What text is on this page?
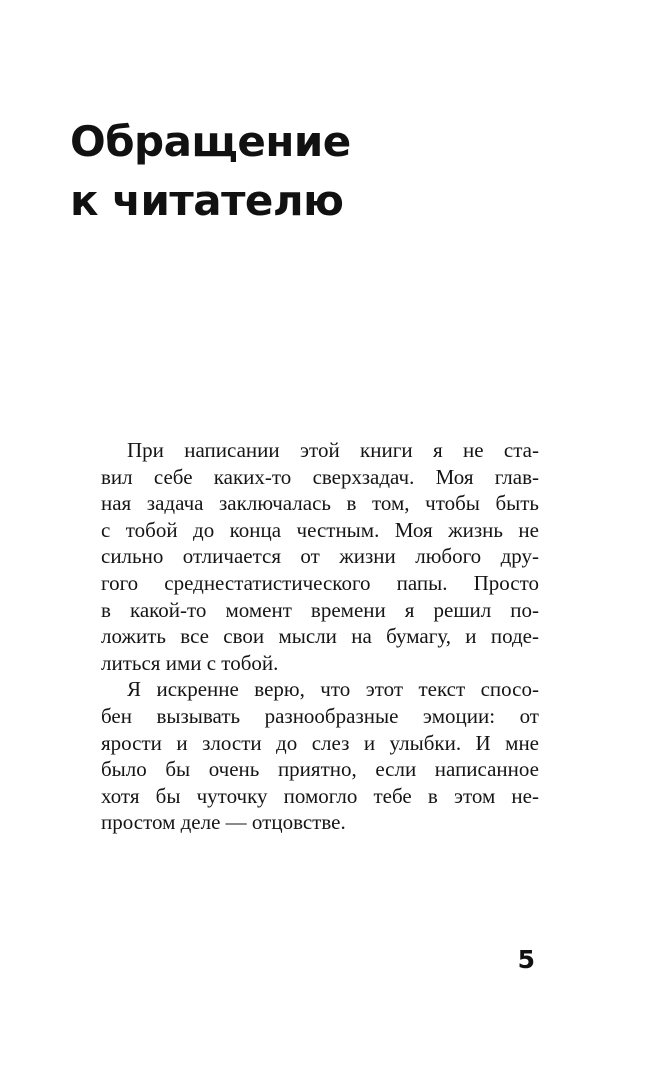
Обращение
к читателю

При написании этой книги я не ста-
вил себе каких-то сверхзадач. Моя глав-
ная задача заключалась в том, чтобы быть
с тобой до конца честным. Моя жизнь не
сильно отличается от жизни любого дру-
гого среднестатистического папы. Просто
в какой-то момент времени я решил по-
ложить все свои мысли на бумагу, и поде-
литься ими с тобой.

Я искренне верю, что этот текст спосо-
бен вызывать разнообразные эмоции: от
ярости и злости до слез и улыбки. И мне
было бы очень приятно, если написанное
хотя бы чуточку помогло тебе в этом не-
простом деле — отцовстве.

5
